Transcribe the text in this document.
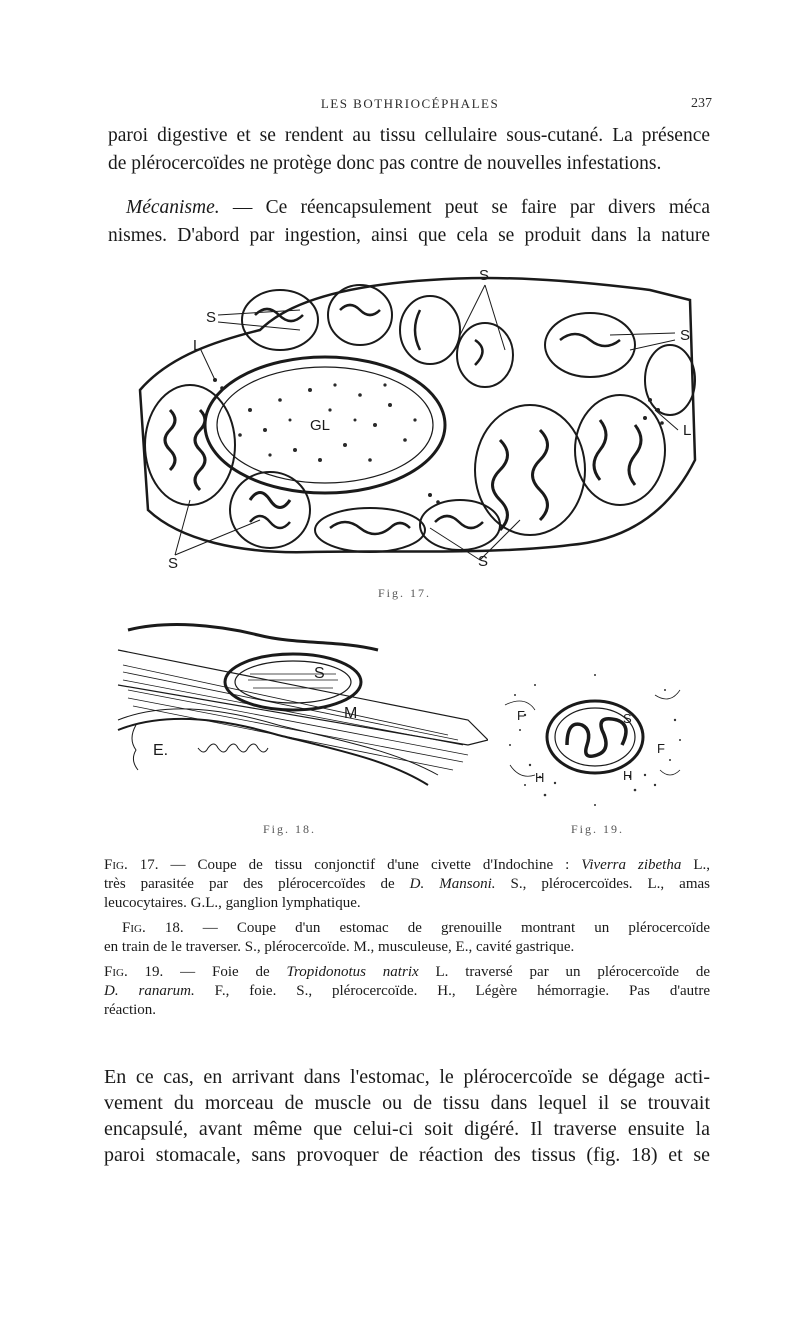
LES BOTHRIOCÉPHALES	237
paroi digestive et se rendent au tissu cellulaire sous-cutané. La présence
de plérocercoïdes ne protège donc pas contre de nouvelles infestations.
Mécanisme. — Ce réencapsulement peut se faire par divers méca
nismes. D'abord par ingestion, ainsi que cela se produit dans la nature
S
S
S
L
L
GL
S	S
Fig. 17.
S
M
E.
Fig. 18.
F	S
F
H	H
Fig. 19.
Fig. 17. — Coupe de tissu conjonctif d'une civette d'Indochine : Viverra zibetha L.,
très parasitée par des plérocercoïdes de D. Mansoni. S., plérocercoïdes. L., amas
leucocytaires. G.L., ganglion lymphatique.
Fig. 18. — Coupe d'un estomac de grenouille montrant un plérocercoïde
en train de le traverser. S., plérocercoïde. M., musculeuse, E., cavité gastrique.
Fig. 19. — Foie de Tropidonotus natrix L. traversé par un plérocercoïde de
D. ranarum. F., foie. S., plérocercoïde. H., Légère hémorragie. Pas d'autre
réaction.
En ce cas, en arrivant dans l'estomac, le plérocercoïde se dégage acti-
vement du morceau de muscle ou de tissu dans lequel il se trouvait
encapsulé, avant même que celui-ci soit digéré. Il traverse ensuite la
paroi stomacale, sans provoquer de réaction des tissus (fig. 18) et se
